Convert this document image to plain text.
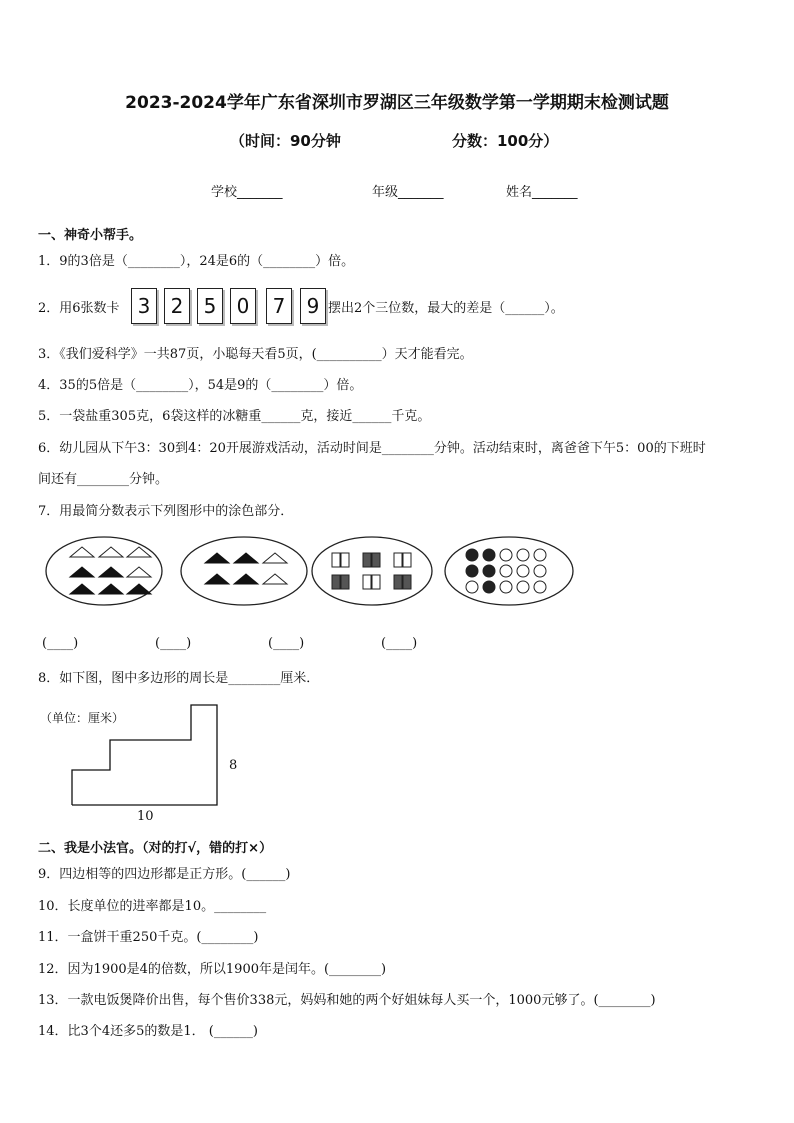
2023-2024学年广东省深圳市罗湖区三年级数学第一学期期末检测试题
（时间：90分钟	分数：100分）
学校_______	年级_______	姓名_______
一、神奇小帮手。
1．9的3倍是（________），24是6的（________）倍。
2．用6张数卡 3	2	5	0	7	9 摆出2个三位数，最大的差是（______）。
3．《我们爱科学》一共87页，小聪每天看5页，(__________）天才能看完。
4．35的5倍是（________），54是9的（________）倍。
5．一袋盐重305克，6袋这样的冰糖重______克，接近______千克。
6．幼儿园从下午3：30到4：20开展游戏活动，活动时间是________分钟。活动结束时，离爸爸下午5：00的下班时
间还有________分钟。
7．用最简分数表示下列图形中的涂色部分．
(____)	(____)	(____)	(____)
8．如下图，图中多边形的周长是________厘米．
（单位：厘米）
8
10
二、我是小法官。（对的打√，错的打×）
9．四边相等的四边形都是正方形。(______)
10．长度单位的进率都是10。________
11．一盒饼干重250千克。(________)
12．因为1900是4的倍数，所以1900年是闰年。(________)
13．一款电饭煲降价出售，每个售价338元，妈妈和她的两个好姐妹每人买一个，1000元够了。(________)
14．比3个4还多5的数是1． (______)
